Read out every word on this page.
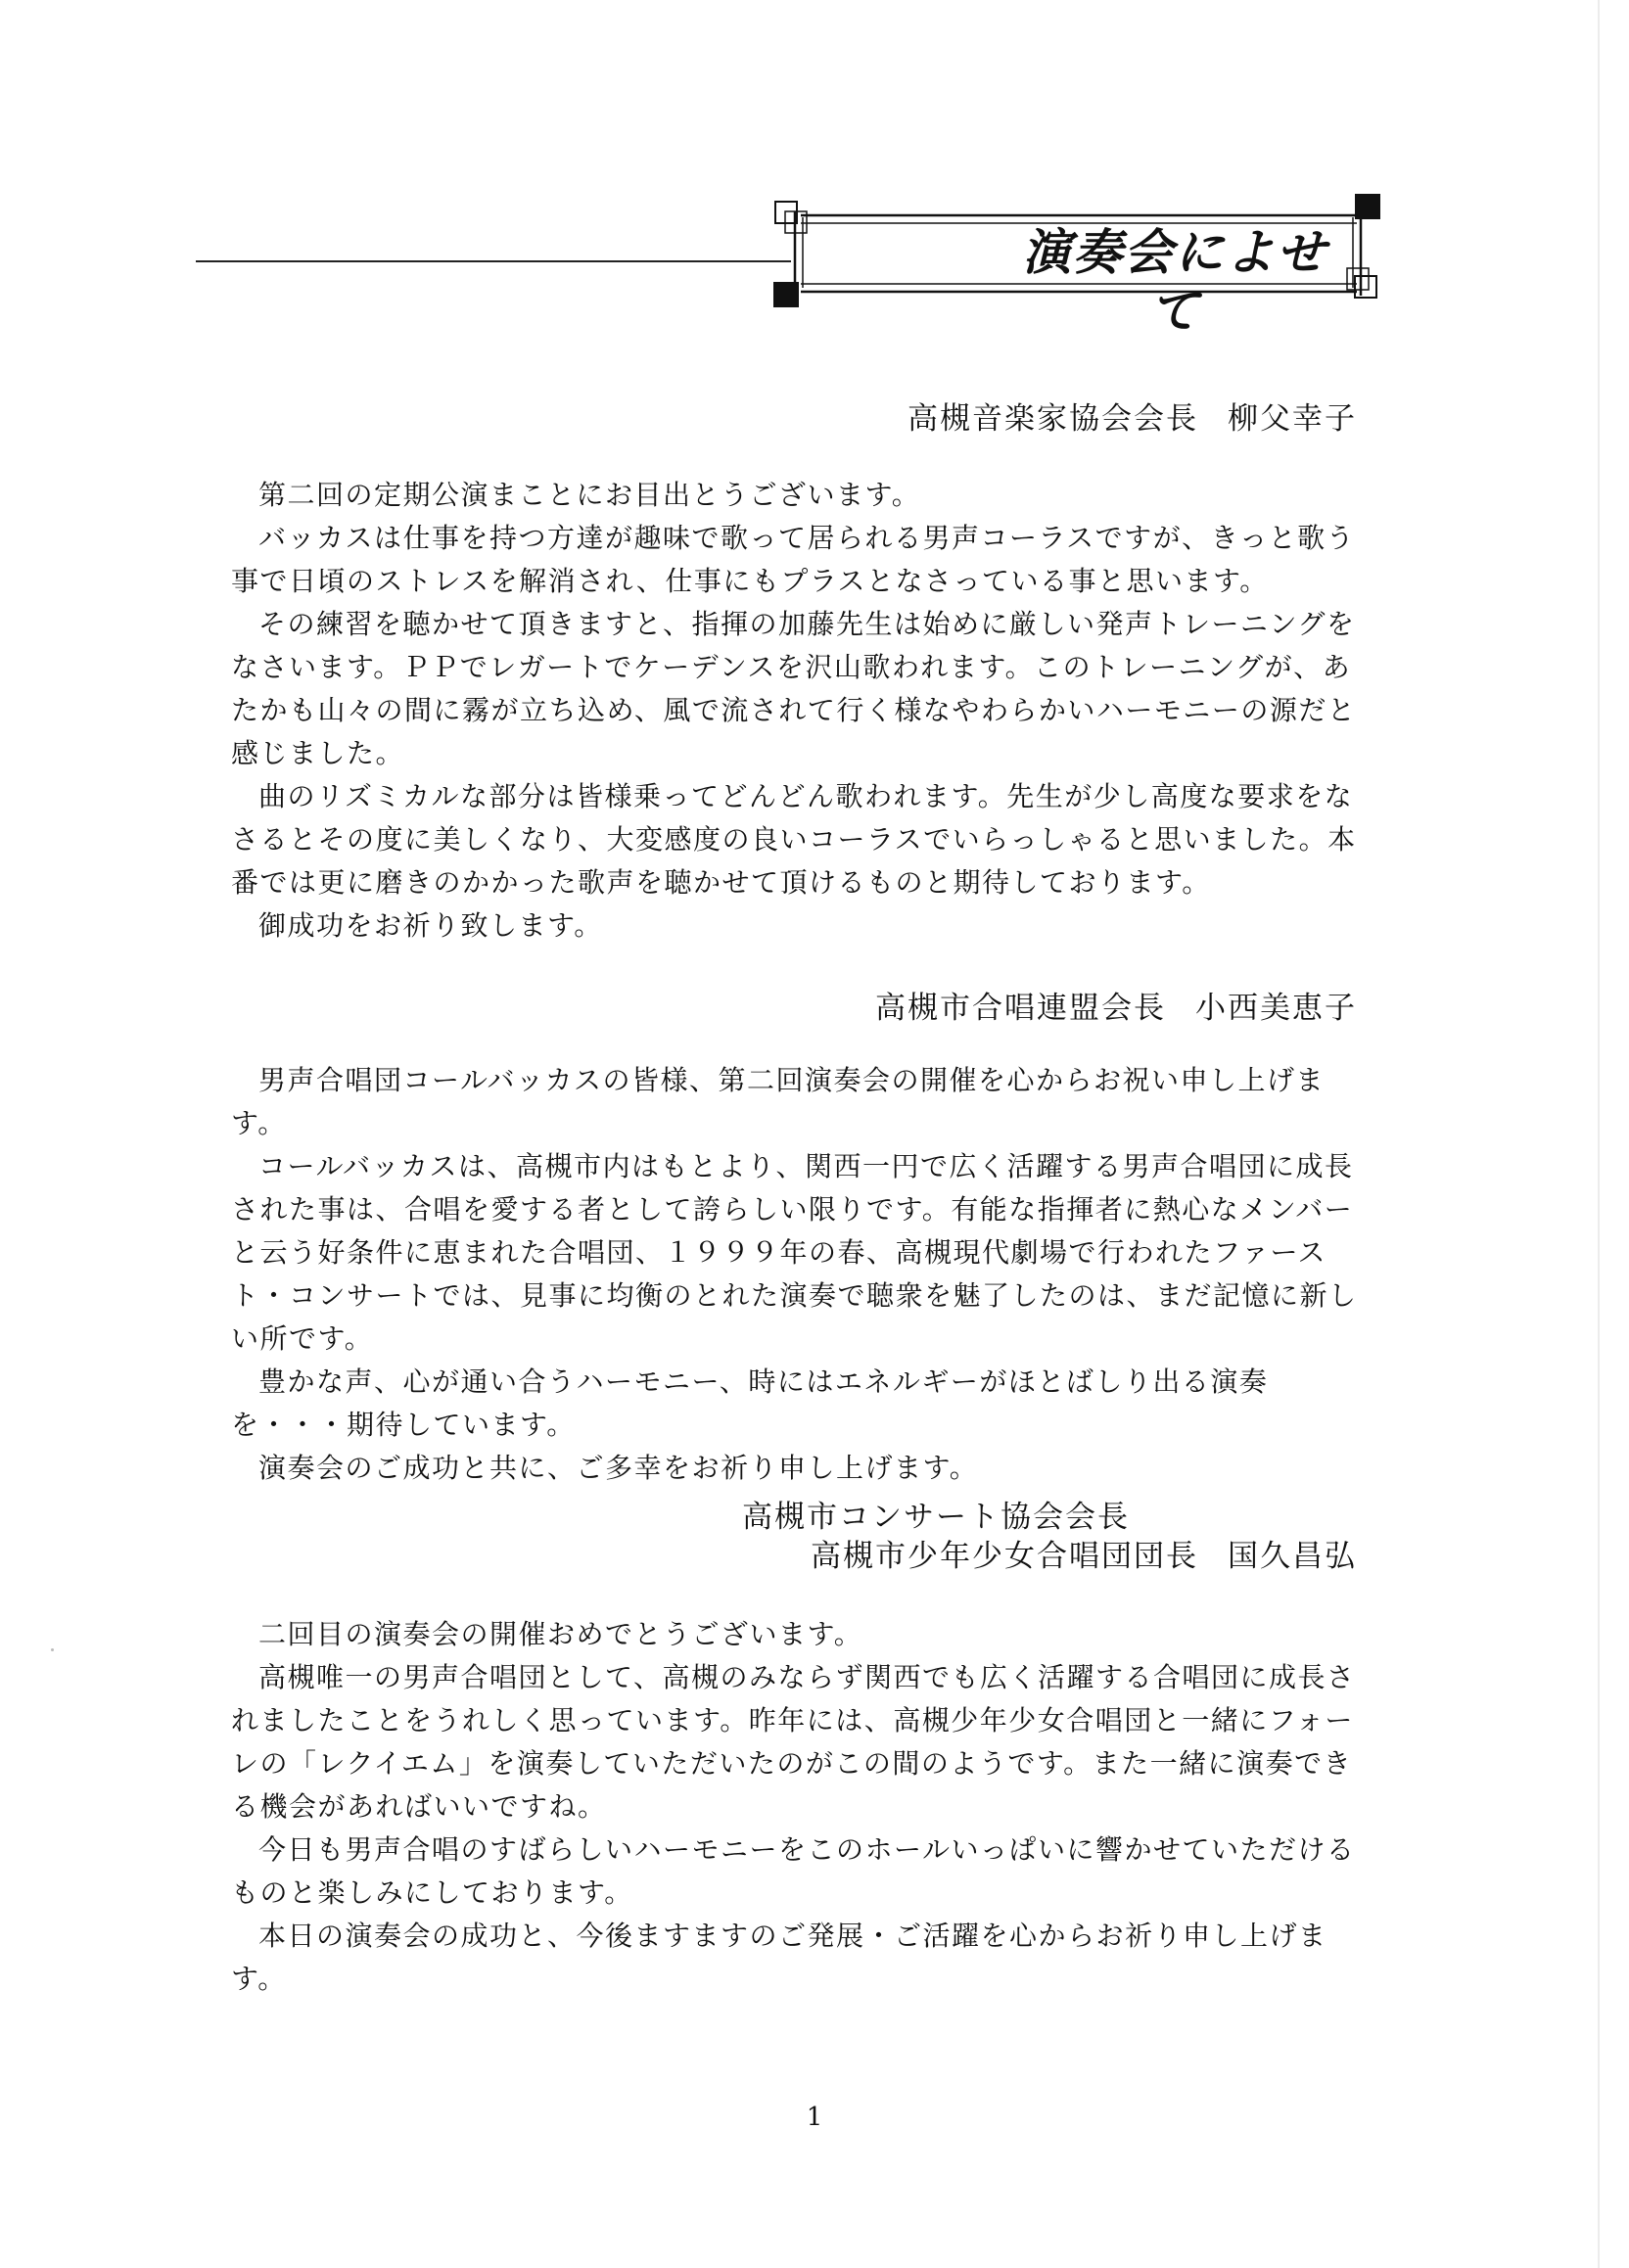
演奏会によせて
高槻音楽家協会会長 柳父幸子

第二回の定期公演まことにお目出とうございます。

バッカスは仕事を持つ方達が趣味で歌って居られる男声コーラスですが、きっと歌う事で日頃のストレスを解消され、仕事にもプラスとなさっている事と思います。

その練習を聴かせて頂きますと、指揮の加藤先生は始めに厳しい発声トレーニングをなさいます。ＰＰでレガートでケーデンスを沢山歌われます。このトレーニングが、あたかも山々の間に霧が立ち込め、風で流されて行く様なやわらかいハーモニーの源だと感じました。

曲のリズミカルな部分は皆様乗ってどんどん歌われます。先生が少し高度な要求をなさるとその度に美しくなり、大変感度の良いコーラスでいらっしゃると思いました。本番では更に磨きのかかった歌声を聴かせて頂けるものと期待しております。

御成功をお祈り致します。

高槻市合唱連盟会長 小西美恵子

男声合唱団コールバッカスの皆様、第二回演奏会の開催を心からお祝い申し上げます。

コールバッカスは、高槻市内はもとより、関西一円で広く活躍する男声合唱団に成長された事は、合唱を愛する者として誇らしい限りです。有能な指揮者に熱心なメンバーと云う好条件に恵まれた合唱団、１９９９年の春、高槻現代劇場で行われたファースト・コンサートでは、見事に均衡のとれた演奏で聴衆を魅了したのは、まだ記憶に新しい所です。

豊かな声、心が通い合うハーモニー、時にはエネルギーがほとばしり出る演奏を・・・期待しています。

演奏会のご成功と共に、ご多幸をお祈り申し上げます。

高槻市コンサート協会会長
高槻市少年少女合唱団団長 国久昌弘

二回目の演奏会の開催おめでとうございます。

高槻唯一の男声合唱団として、高槻のみならず関西でも広く活躍する合唱団に成長されましたことをうれしく思っています。昨年には、高槻少年少女合唱団と一緒にフォーレの「レクイエム」を演奏していただいたのがこの間のようです。また一緒に演奏できる機会があればいいですね。

今日も男声合唱のすばらしいハーモニーをこのホールいっぱいに響かせていただけるものと楽しみにしております。

本日の演奏会の成功と、今後ますますのご発展・ご活躍を心からお祈り申し上げます。

1
